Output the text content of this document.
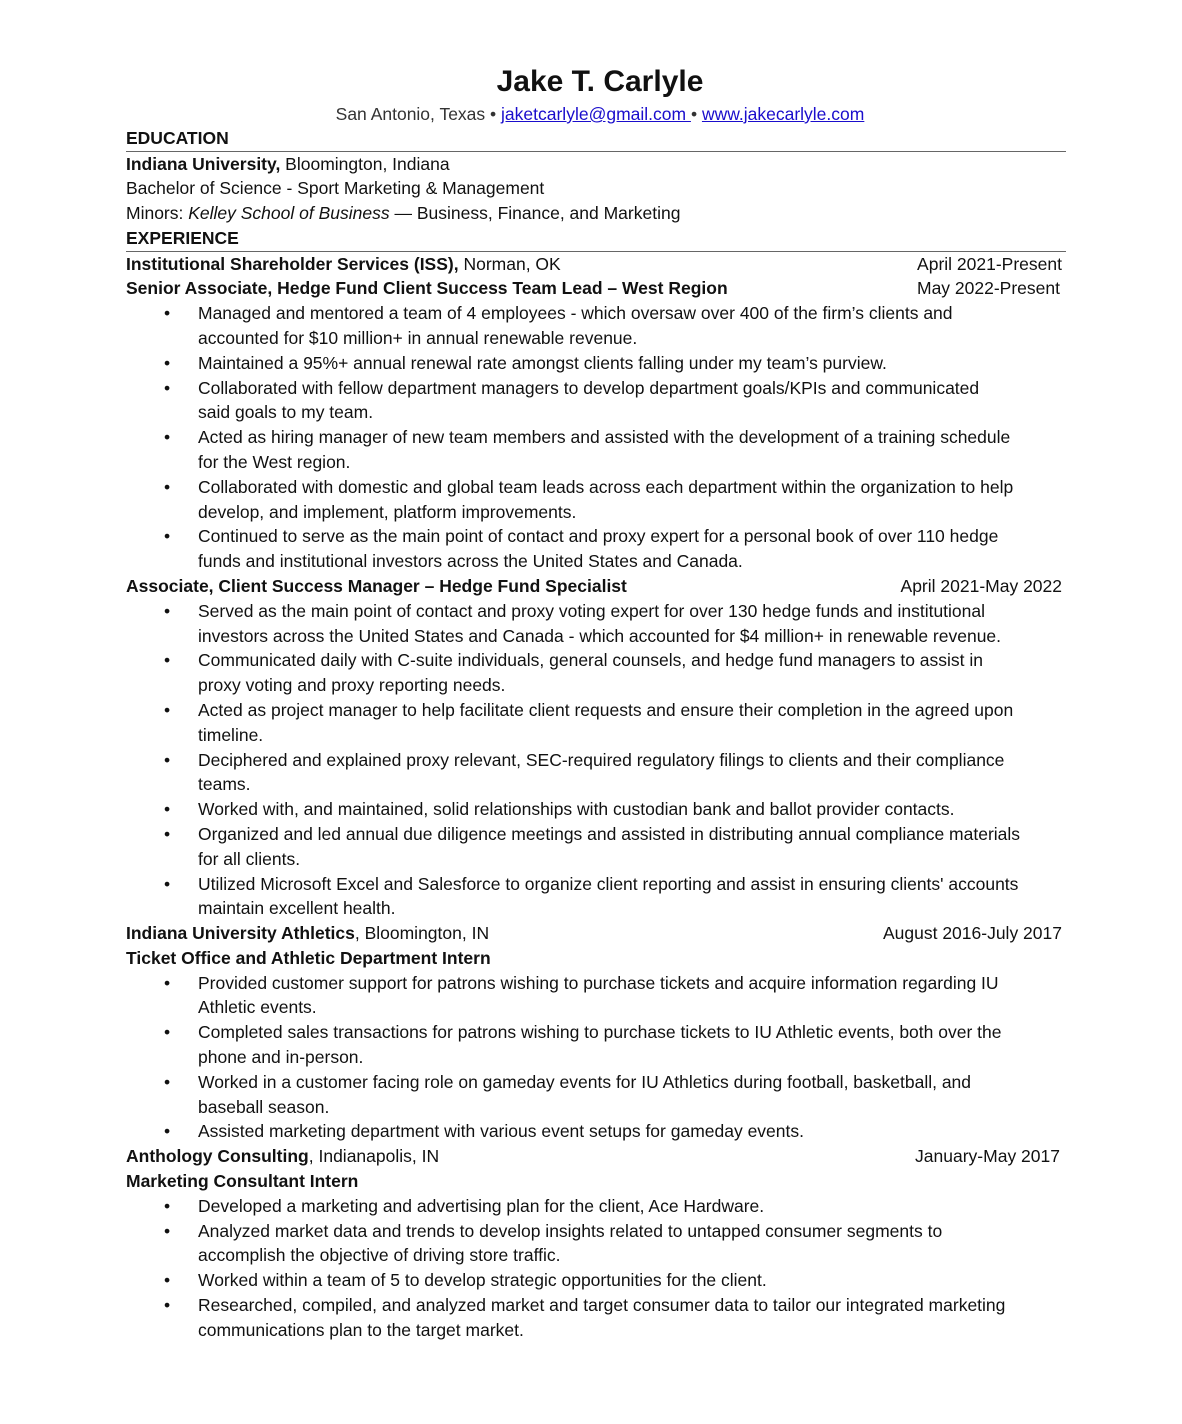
Jake T. Carlyle
San Antonio, Texas • jaketcarlyle@gmail.com • www.jakecarlyle.com
EDUCATION
Indiana University, Bloomington, Indiana
Bachelor of Science - Sport Marketing & Management
Minors: Kelley School of Business — Business, Finance, and Marketing
EXPERIENCE
Institutional Shareholder Services (ISS), Norman, OK	April 2021-Present
Senior Associate, Hedge Fund Client Success Team Lead – West Region	May 2022-Present
• Managed and mentored a team of 4 employees - which oversaw over 400 of the firm’s clients and
accounted for $10 million+ in annual renewable revenue.
• Maintained a 95%+ annual renewal rate amongst clients falling under my team’s purview.
• Collaborated with fellow department managers to develop department goals/KPIs and communicated
said goals to my team.
• Acted as hiring manager of new team members and assisted with the development of a training schedule
for the West region.
• Collaborated with domestic and global team leads across each department within the organization to help
develop, and implement, platform improvements.
• Continued to serve as the main point of contact and proxy expert for a personal book of over 110 hedge
funds and institutional investors across the United States and Canada.
Associate, Client Success Manager – Hedge Fund Specialist	April 2021-May 2022
• Served as the main point of contact and proxy voting expert for over 130 hedge funds and institutional
investors across the United States and Canada - which accounted for $4 million+ in renewable revenue.
• Communicated daily with C-suite individuals, general counsels, and hedge fund managers to assist in
proxy voting and proxy reporting needs.
• Acted as project manager to help facilitate client requests and ensure their completion in the agreed upon
timeline.
• Deciphered and explained proxy relevant, SEC-required regulatory filings to clients and their compliance
teams.
• Worked with, and maintained, solid relationships with custodian bank and ballot provider contacts.
• Organized and led annual due diligence meetings and assisted in distributing annual compliance materials
for all clients.
• Utilized Microsoft Excel and Salesforce to organize client reporting and assist in ensuring clients' accounts
maintain excellent health.
Indiana University Athletics, Bloomington, IN	August 2016-July 2017
Ticket Office and Athletic Department Intern
• Provided customer support for patrons wishing to purchase tickets and acquire information regarding IU
Athletic events.
• Completed sales transactions for patrons wishing to purchase tickets to IU Athletic events, both over the
phone and in-person.
• Worked in a customer facing role on gameday events for IU Athletics during football, basketball, and
baseball season.
• Assisted marketing department with various event setups for gameday events.
Anthology Consulting, Indianapolis, IN	January-May 2017
Marketing Consultant Intern
• Developed a marketing and advertising plan for the client, Ace Hardware.
• Analyzed market data and trends to develop insights related to untapped consumer segments to
accomplish the objective of driving store traffic.
• Worked within a team of 5 to develop strategic opportunities for the client.
• Researched, compiled, and analyzed market and target consumer data to tailor our integrated marketing
communications plan to the target market.
